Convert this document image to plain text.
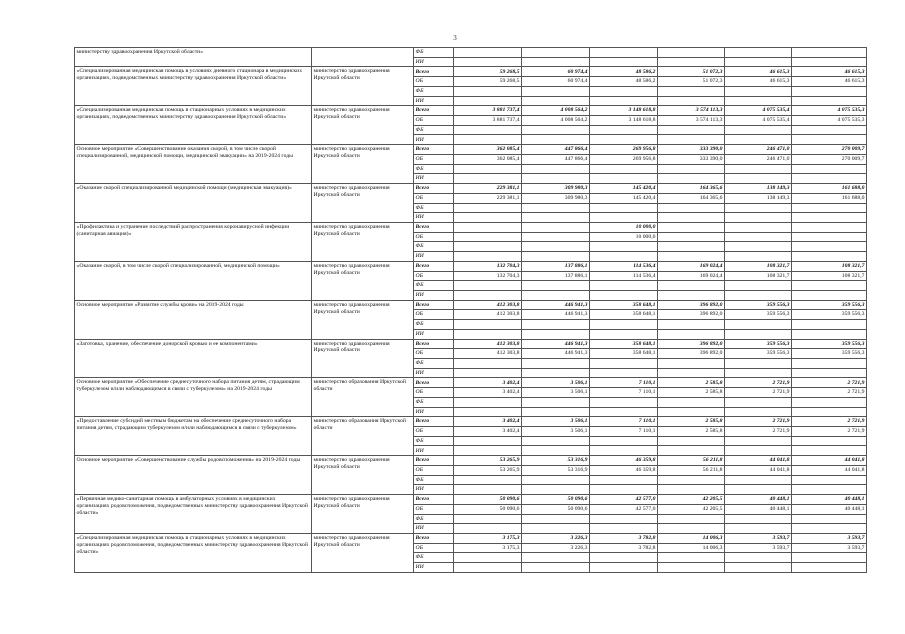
3
министерству здравоохранения Иркутской области»		ФБ						
		ИИ						
«Специализированная медицинская помощь в условиях дневного стационара в медицинских организациях, подведомственных министерству здравоохранения Иркутской области»	министерство здравоохранения Иркутской области	Всего	59 268,5	60 974,4	48 586,2	51 072,3	46 615,3	46 615,3
		ОБ	59 268,5	60 974,4	48 586,2	51 072,3	46 615,3	46 615,3
		ФБ						
		ИИ						
«Специализированная медицинская помощь в стационарных условиях в медицинских организациях, подведомственных министерству здравоохранения Иркутской области»	министерство здравоохранения Иркутской области	Всего	3 881 737,4	4 008 564,2	3 148 618,8	3 574 113,3	4 075 535,4	4 075 535,3
		ОБ	3 881 737,4	4 008 564,2	3 148 618,8	3 574 113,3	4 075 535,4	4 075 535,3
		ФБ						
		ИИ						
Основное мероприятие «Совершенствование оказания скорой, в том числе скорой специализированной, медицинской помощи, медицинской эвакуации» на 2019-2024 годы	министерство здравоохранения Иркутской области	Всего	362 085,4	447 866,4	269 956,8	333 390,0	246 471,0	270 009,7
		ОБ	362 085,4	447 866,4	269 956,8	333 390,0	246 471,0	270 009,7
		ФБ						
		ИИ						
«Оказание скорой специализированной медицинской помощи (медицинская эвакуация)»	министерство здравоохранения Иркутской области	Всего	229 381,1	309 980,3	145 420,4	164 365,6	138 149,3	161 688,0
		ОБ	229 381,1	309 980,3	145 420,4	164 365,6	138 149,3	161 688,0
		ФБ						
		ИИ						
«Профилактика и устранение последствий распространения коронавирусной инфекции (санитарная авиация)»	министерство здравоохранения Иркутской области	Всего			10 000,0			
		ОБ			10 000,0			
		ФБ						
		ИИ						
«Оказание скорой, в том числе скорой специализированной, медицинской помощи»	министерство здравоохранения Иркутской области	Всего	132 704,3	137 886,1	114 536,4	169 024,4	108 321,7	108 321,7
		ОБ	132 704,3	137 886,1	114 536,4	169 024,4	108 321,7	108 321,7
		ФБ						
		ИИ						
Основное мероприятие «Развитие службы крови» на 2019-2024 годы	министерство здравоохранения Иркутской области	Всего	412 303,8	446 941,3	358 648,1	396 892,0	359 556,3	359 556,3
		ОБ	412 303,8	446 941,3	358 648,1	396 892,0	359 556,3	359 556,3
		ФБ						
		ИИ						
«Заготовка, хранение, обеспечение донорской кровью и ее компонентами»	министерство здравоохранения Иркутской области	Всего	412 303,8	446 941,3	358 648,1	396 892,0	359 556,3	359 556,3
		ОБ	412 303,8	446 941,3	358 648,1	396 892,0	359 556,3	359 556,3
		ФБ						
		ИИ						
Основное мероприятие «Обеспечение среднесуточного набора питания детям, страдающим туберкулезом и/или наблюдающимся в связи с туберкулезом» на 2019-2024 годы	министерство образования Иркутской области	Всего	3 402,4	3 506,1	7 110,1	2 585,8	2 721,9	2 721,9
		ОБ	3 402,4	3 506,1	7 110,1	2 585,8	2 721,9	2 721,9
		ФБ						
		ИИ						
«Предоставление субсидий местным бюджетам на обеспечение среднесуточного набора питания детям, страдающим туберкулезом и/или наблюдающимся в связи с туберкулезом»	министерство образования Иркутской области	Всего	3 402,4	3 506,1	7 110,1	2 585,8	2 721,9	2 721,9
		ОБ	3 402,4	3 506,1	7 110,1	2 585,8	2 721,9	2 721,9
		ФБ						
		ИИ						
Основное мероприятие «Совершенствование службы родовспоможения» на 2019-2024 годы	министерство здравоохранения Иркутской области	Всего	53 265,9	53 316,9	46 359,8	56 211,8	44 041,8	44 041,8
		ОБ	53 265,9	53 316,9	46 359,8	56 211,8	44 041,8	44 041,8
		ФБ						
		ИИ						
«Первичная медико-санитарная помощь в амбулаторных условиях в медицинских организациях родовспоможения, подведомственных министерству здравоохранения Иркутской области»	министерство здравоохранения Иркутской области	Всего	50 090,6	50 090,6	42 577,0	42 205,5	40 448,1	40 448,1
		ОБ	50 090,6	50 090,6	42 577,0	42 205,5	40 448,1	40 448,1
		ФБ						
		ИИ						
«Специализированная медицинская помощь в стационарных условиях в медицинских организациях родовспоможения, подведомственных министерству здравоохранения Иркутской области»	министерство здравоохранения Иркутской области	Всего	3 175,3	3 226,3	3 782,8	14 006,3	3 593,7	3 593,7
		ОБ	3 175,3	3 226,3	3 782,8	14 006,3	3 593,7	3 593,7
		ФБ						
		ИИ						
